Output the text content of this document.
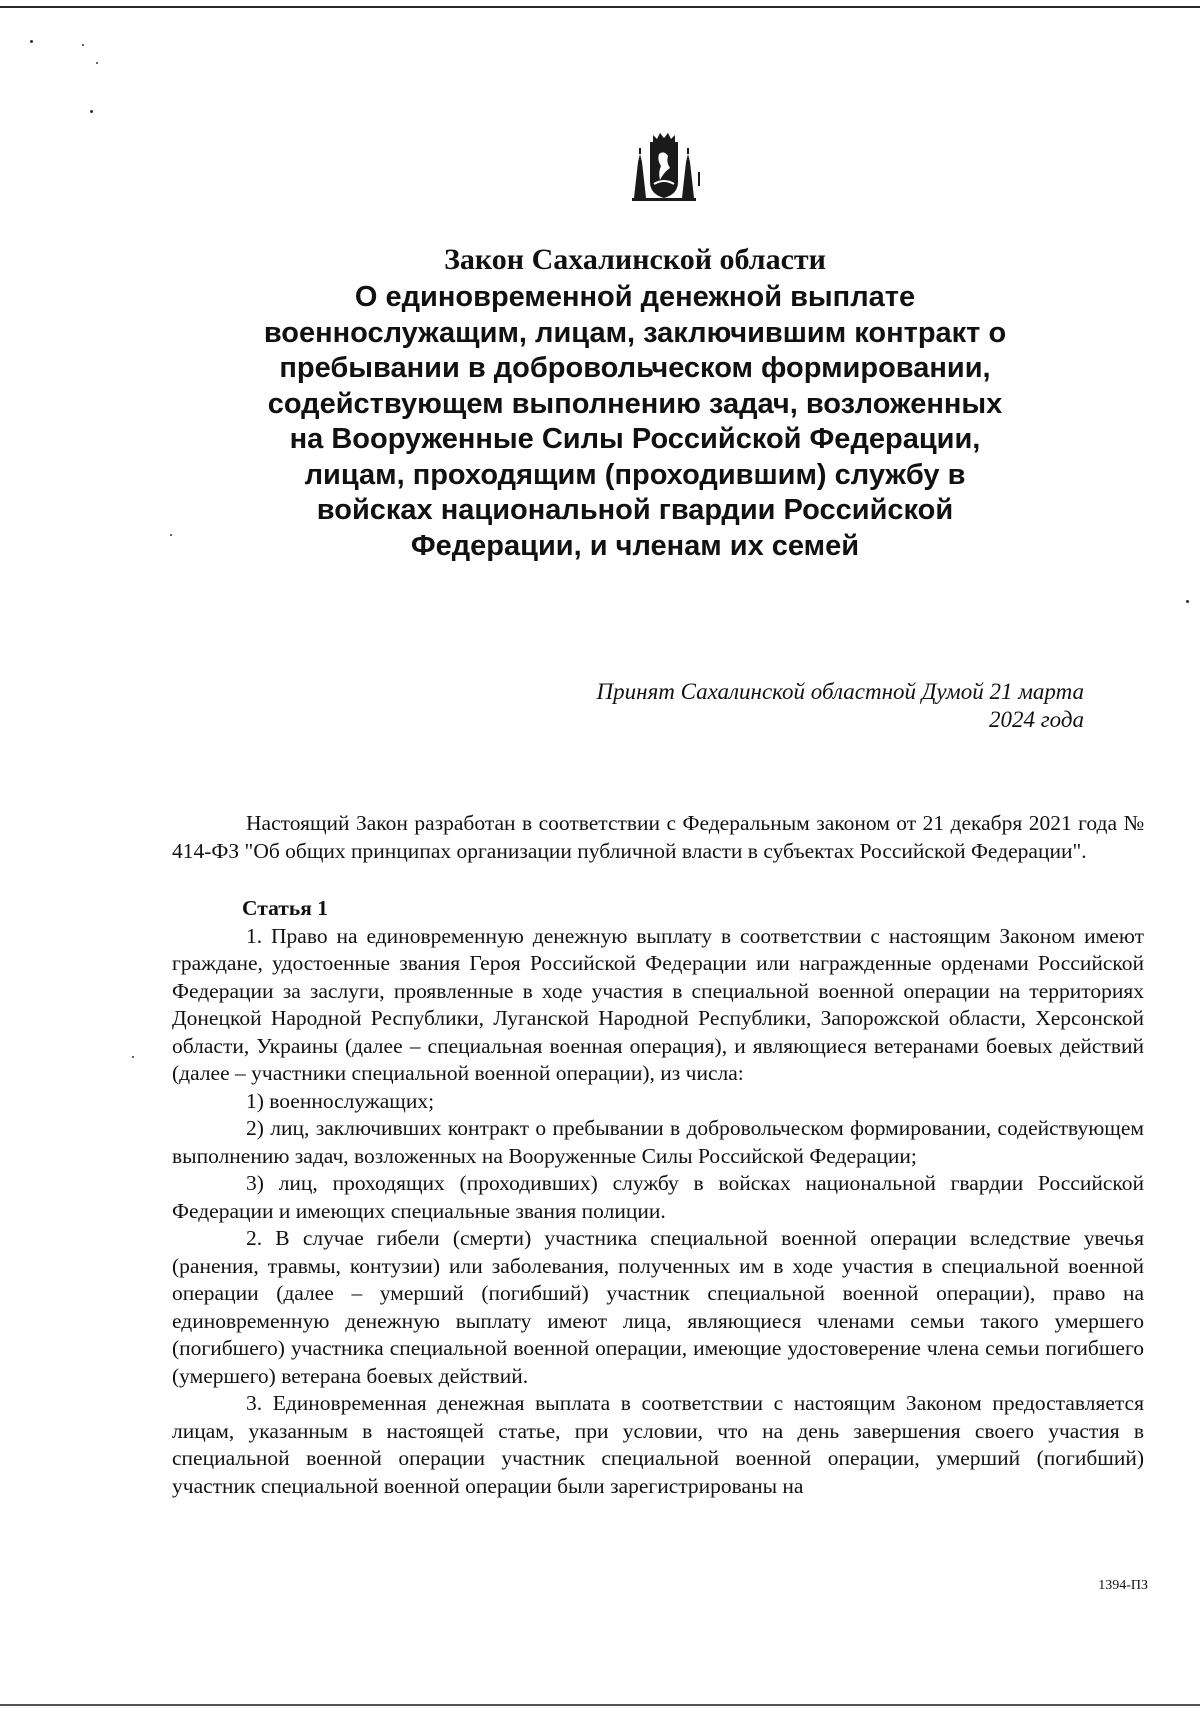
Закон Сахалинской области
О единовременной денежной выплате
военнослужащим, лицам, заключившим контракт о
пребывании в добровольческом формировании,
содействующем выполнению задач, возложенных
на Вооруженные Силы Российской Федерации,
лицам, проходящим (проходившим) службу в
войсках национальной гвардии Российской
Федерации, и членам их семей
Принят Сахалинской областной Думой 21 марта 2024 года

Настоящий Закон разработан в соответствии с Федеральным законом от 21 декабря 2021 года № 414-ФЗ "Об общих принципах организации публичной власти в субъектах Российской Федерации".

Статья 1

1. Право на единовременную денежную выплату в соответствии с настоящим Законом имеют граждане, удостоенные звания Героя Российской Федерации или награжденные орденами Российской Федерации за заслуги, проявленные в ходе участия в специальной военной операции на территориях Донецкой Народной Республики, Луганской Народной Республики, Запорожской области, Херсонской области, Украины (далее – специальная военная операция), и являющиеся ветеранами боевых действий (далее – участники специальной военной операции), из числа:

1) военнослужащих;

2) лиц, заключивших контракт о пребывании в добровольческом формировании, содействующем выполнению задач, возложенных на Вооруженные Силы Российской Федерации;

3) лиц, проходящих (проходивших) службу в войсках национальной гвардии Российской Федерации и имеющих специальные звания полиции.

2. В случае гибели (смерти) участника специальной военной операции вследствие увечья (ранения, травмы, контузии) или заболевания, полученных им в ходе участия в специальной военной операции (далее – умерший (погибший) участник специальной военной операции), право на единовременную денежную выплату имеют лица, являющиеся членами семьи такого умершего (погибшего) участника специальной военной операции, имеющие удостоверение члена семьи погибшего (умершего) ветерана боевых действий.

3. Единовременная денежная выплата в соответствии с настоящим Законом предоставляется лицам, указанным в настоящей статье, при условии, что на день завершения своего участия в специальной военной операции участник специальной военной операции, умерший (погибший) участник специальной военной операции были зарегистрированы на

1394-ПЗ
